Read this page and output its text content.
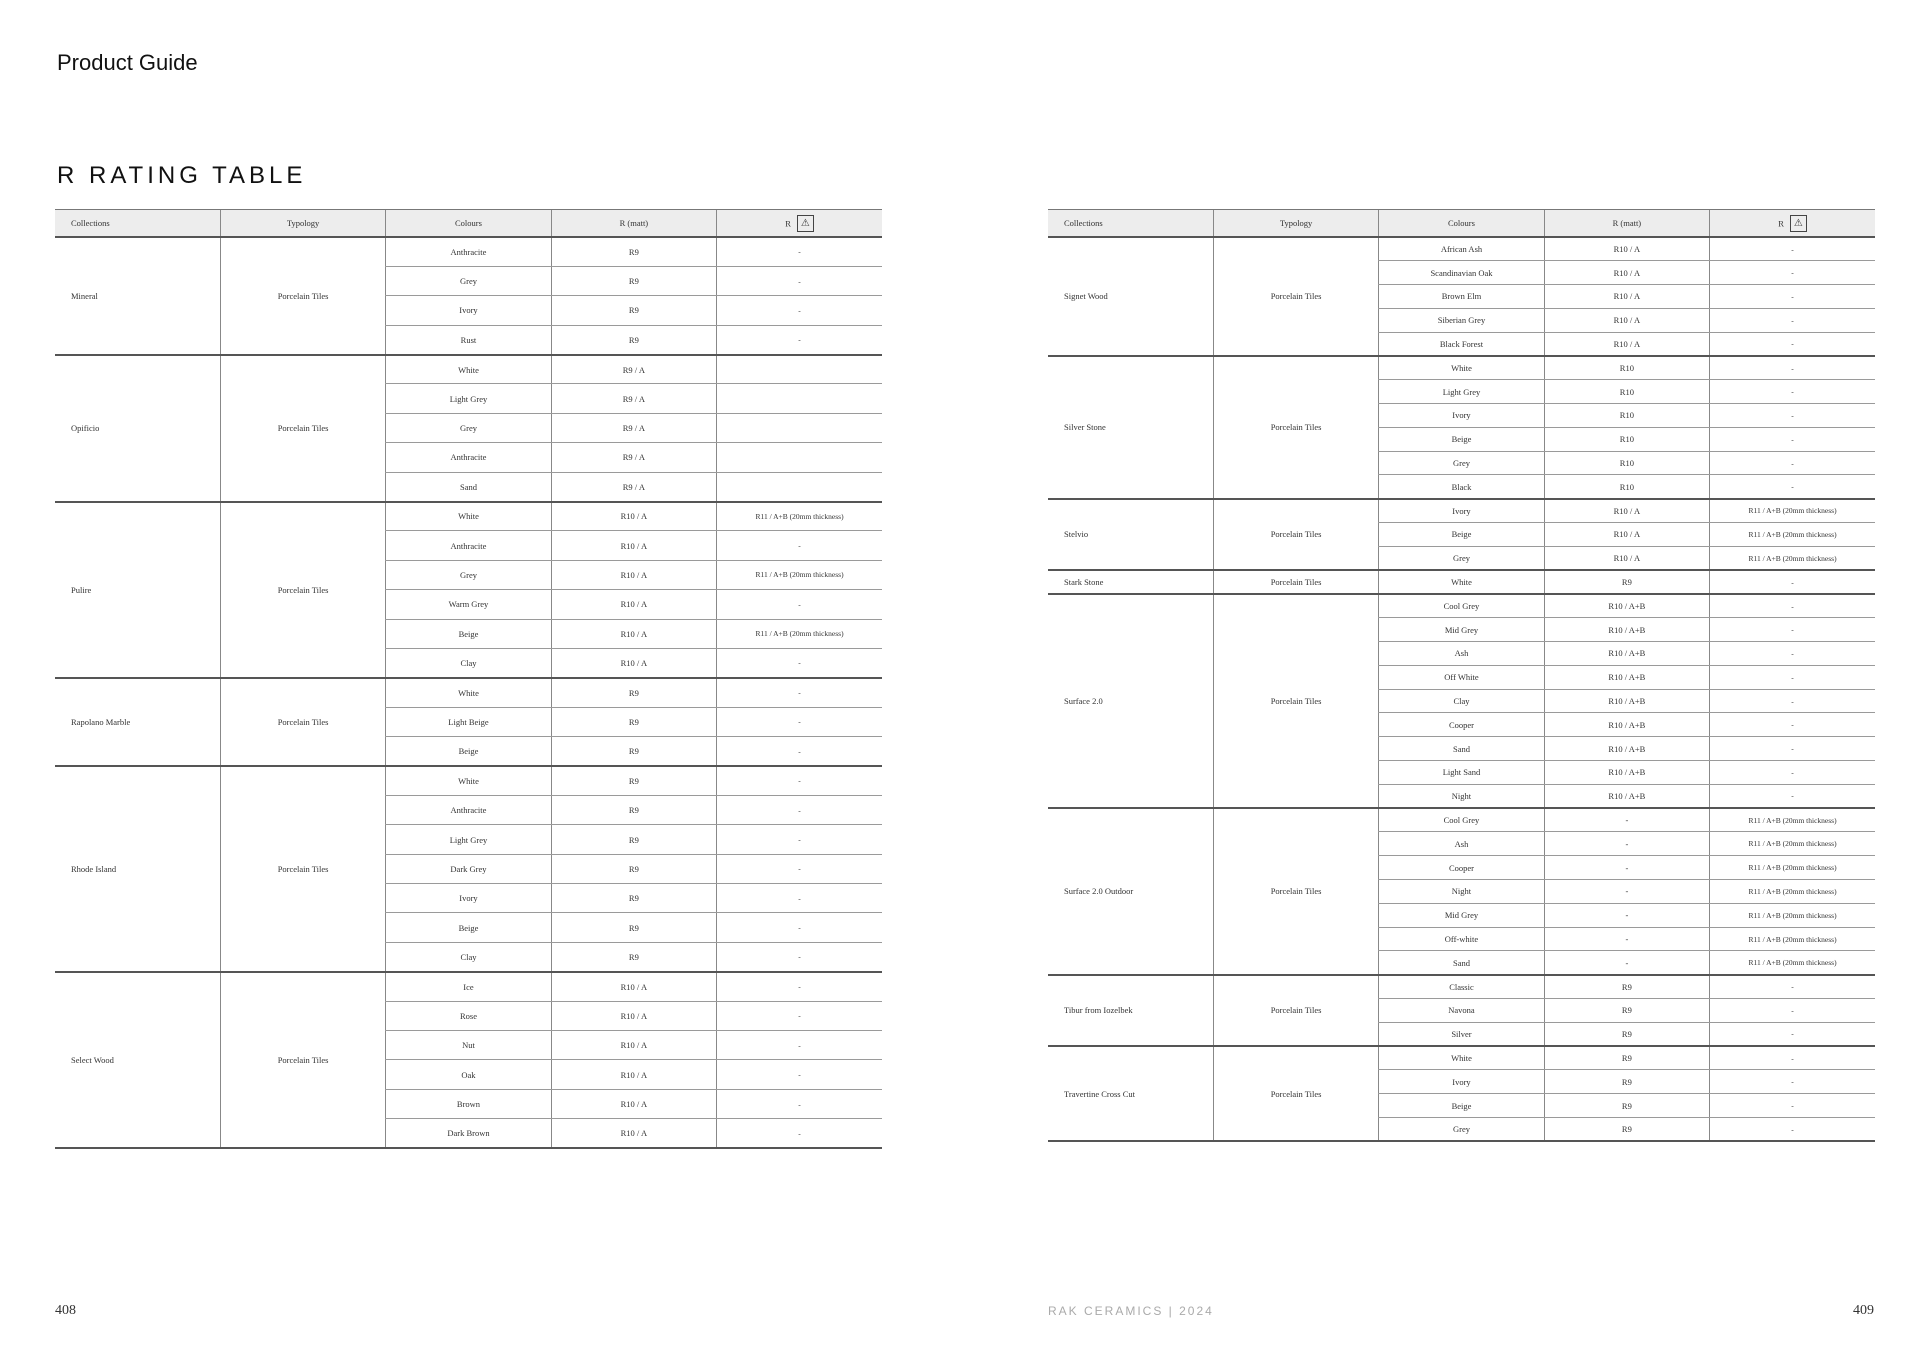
Product Guide
R RATING TABLE
Collections	Typology	Colours	R (matt)	R ⚠
Mineral	Porcelain Tiles	Anthracite	R9	-
		Grey	R9	-
		Ivory	R9	-
		Rust	R9	-
Opificio	Porcelain Tiles	White	R9 / A	
		Light Grey	R9 / A	
		Grey	R9 / A	
		Anthracite	R9 / A	
		Sand	R9 / A	
Pulire	Porcelain Tiles	White	R10 / A	R11 / A+B (20mm thickness)
		Anthracite	R10 / A	-
		Grey	R10 / A	R11 / A+B (20mm thickness)
		Warm Grey	R10 / A	-
		Beige	R10 / A	R11 / A+B (20mm thickness)
		Clay	R10 / A	-
Rapolano Marble	Porcelain Tiles	White	R9	-
		Light Beige	R9	-
		Beige	R9	-
Rhode Island	Porcelain Tiles	White	R9	-
		Anthracite	R9	-
		Light Grey	R9	-
		Dark Grey	R9	-
		Ivory	R9	-
		Beige	R9	-
		Clay	R9	-
Select Wood	Porcelain Tiles	Ice	R10 / A	-
		Rose	R10 / A	-
		Nut	R10 / A	-
		Oak	R10 / A	-
		Brown	R10 / A	-
		Dark Brown	R10 / A	-
Collections	Typology	Colours	R (matt)	R ⚠
Signet Wood	Porcelain Tiles	African Ash	R10 / A	-
		Scandinavian Oak	R10 / A	-
		Brown Elm	R10 / A	-
		Siberian Grey	R10 / A	-
		Black Forest	R10 / A	-
Silver Stone	Porcelain Tiles	White	R10	-
		Light Grey	R10	-
		Ivory	R10	-
		Beige	R10	-
		Grey	R10	-
		Black	R10	-
Stelvio	Porcelain Tiles	Ivory	R10 / A	R11 / A+B (20mm thickness)
		Beige	R10 / A	R11 / A+B (20mm thickness)
		Grey	R10 / A	R11 / A+B (20mm thickness)
Stark Stone	Porcelain Tiles	White	R9	-
Surface 2.0	Porcelain Tiles	Cool Grey	R10 / A+B	-
		Mid Grey	R10 / A+B	-
		Ash	R10 / A+B	-
		Off White	R10 / A+B	-
		Clay	R10 / A+B	-
		Cooper	R10 / A+B	-
		Sand	R10 / A+B	-
		Light Sand	R10 / A+B	-
		Night	R10 / A+B	-
Surface 2.0 Outdoor	Porcelain Tiles	Cool Grey	-	R11 / A+B (20mm thickness)
		Ash	-	R11 / A+B (20mm thickness)
		Cooper	-	R11 / A+B (20mm thickness)
		Night	-	R11 / A+B (20mm thickness)
		Mid Grey	-	R11 / A+B (20mm thickness)
		Off-white	-	R11 / A+B (20mm thickness)
		Sand	-	R11 / A+B (20mm thickness)
Tibur from Iozelbek	Porcelain Tiles	Classic	R9	-
		Navona	R9	-
		Silver	R9	-
Travertine Cross Cut	Porcelain Tiles	White	R9	-
		Ivory	R9	-
		Beige	R9	-
		Grey	R9	-
408	RAK CERAMICS | 2024	409
